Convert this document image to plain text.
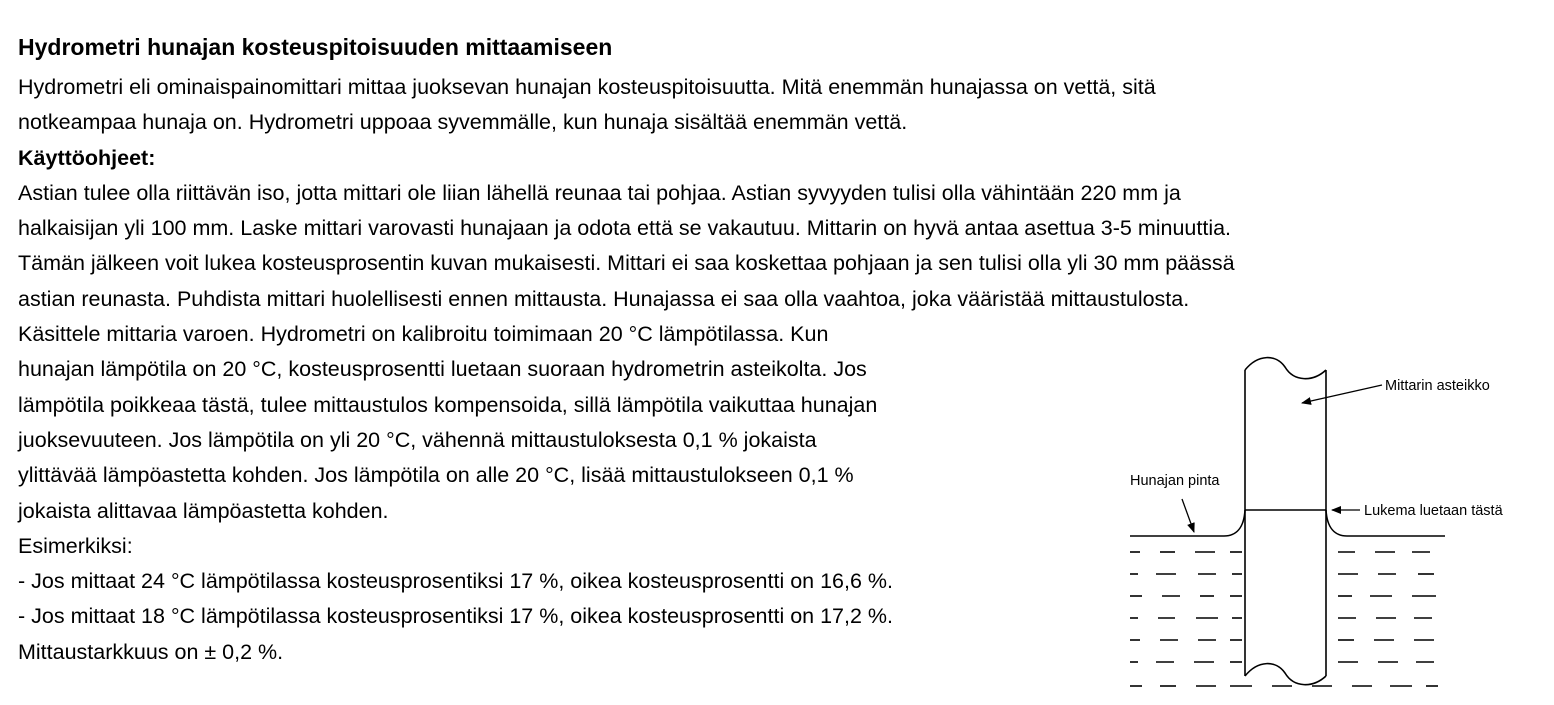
Hydrometri hunajan kosteuspitoisuuden mittaamiseen

Hydrometri eli ominaispainomittari mittaa juoksevan hunajan kosteuspitoisuutta. Mitä enemmän hunajassa on vettä, sitä

notkeampaa hunaja on. Hydrometri uppoaa syvemmälle, kun hunaja sisältää enemmän vettä.

Käyttöohjeet:

Astian tulee olla riittävän iso, jotta mittari ole liian lähellä reunaa tai pohjaa. Astian syvyyden tulisi olla vähintään 220 mm ja

halkaisijan yli 100 mm. Laske mittari varovasti hunajaan ja odota että se vakautuu. Mittarin on hyvä antaa asettua 3-5 minuuttia.

Tämän jälkeen voit lukea kosteusprosentin kuvan mukaisesti. Mittari ei saa koskettaa pohjaan ja sen tulisi olla yli 30 mm päässä

astian reunasta. Puhdista mittari huolellisesti ennen mittausta. Hunajassa ei saa olla vaahtoa, joka vääristää mittaustulosta.

Käsittele mittaria varoen. Hydrometri on kalibroitu toimimaan 20 °C lämpötilassa. Kun

hunajan lämpötila on 20 °C, kosteusprosentti luetaan suoraan hydrometrin asteikolta. Jos

lämpötila poikkeaa tästä, tulee mittaustulos kompensoida, sillä lämpötila vaikuttaa hunajan

juoksevuuteen. Jos lämpötila on yli 20 °C, vähennä mittaustuloksesta 0,1 % jokaista

ylittävää lämpöastetta kohden. Jos lämpötila on alle 20 °C, lisää mittaustulokseen 0,1 %

jokaista alittavaa lämpöastetta kohden.

Esimerkiksi:

- Jos mittaat 24 °C lämpötilassa kosteusprosentiksi 17 %, oikea kosteusprosentti on 16,6 %.

- Jos mittaat 18 °C lämpötilassa kosteusprosentiksi 17 %, oikea kosteusprosentti on 17,2 %.

Mittaustarkkuus on ± 0,2 %.

Mittarin asteikko
Hunajan pinta
Lukema luetaan tästä
